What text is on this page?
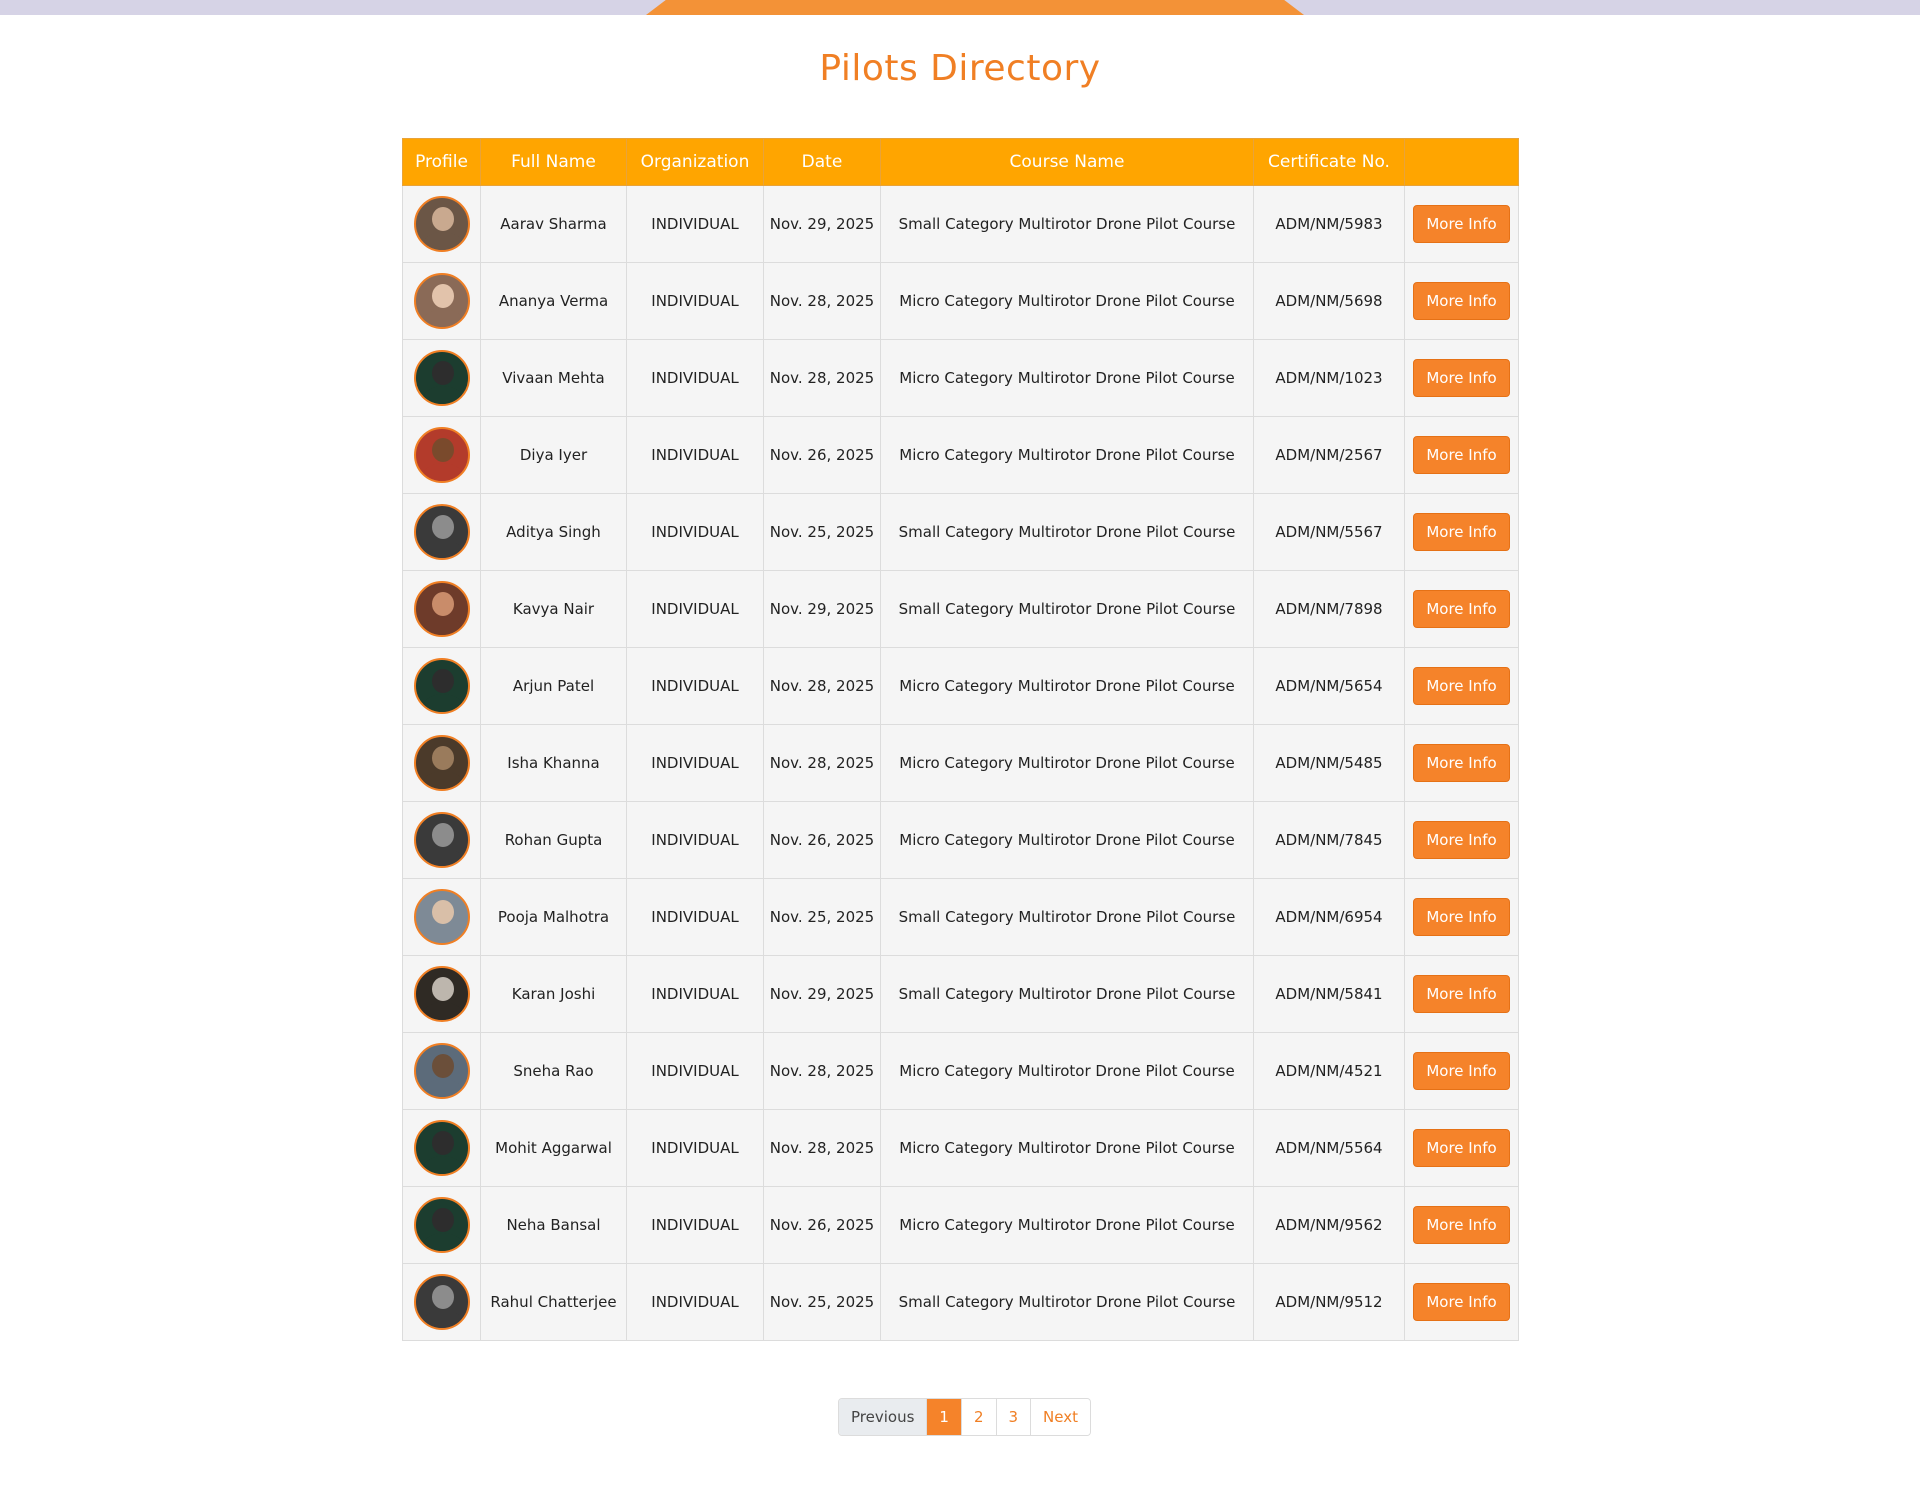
Pilots Directory
Profile	Full Name	Organization	Date	Course Name	Certificate No.	

	Aarav Sharma	INDIVIDUAL	Nov. 29, 2025	Small Category Multirotor Drone Pilot Course	ADM/NM/5983	More Info

	Ananya Verma	INDIVIDUAL	Nov. 28, 2025	Micro Category Multirotor Drone Pilot Course	ADM/NM/5698	More Info

	Vivaan Mehta	INDIVIDUAL	Nov. 28, 2025	Micro Category Multirotor Drone Pilot Course	ADM/NM/1023	More Info

	Diya Iyer	INDIVIDUAL	Nov. 26, 2025	Micro Category Multirotor Drone Pilot Course	ADM/NM/2567	More Info

	Aditya Singh	INDIVIDUAL	Nov. 25, 2025	Small Category Multirotor Drone Pilot Course	ADM/NM/5567	More Info

	Kavya Nair	INDIVIDUAL	Nov. 29, 2025	Small Category Multirotor Drone Pilot Course	ADM/NM/7898	More Info

	Arjun Patel	INDIVIDUAL	Nov. 28, 2025	Micro Category Multirotor Drone Pilot Course	ADM/NM/5654	More Info

	Isha Khanna	INDIVIDUAL	Nov. 28, 2025	Micro Category Multirotor Drone Pilot Course	ADM/NM/5485	More Info

	Rohan Gupta	INDIVIDUAL	Nov. 26, 2025	Micro Category Multirotor Drone Pilot Course	ADM/NM/7845	More Info

	Pooja Malhotra	INDIVIDUAL	Nov. 25, 2025	Small Category Multirotor Drone Pilot Course	ADM/NM/6954	More Info

	Karan Joshi	INDIVIDUAL	Nov. 29, 2025	Small Category Multirotor Drone Pilot Course	ADM/NM/5841	More Info

	Sneha Rao	INDIVIDUAL	Nov. 28, 2025	Micro Category Multirotor Drone Pilot Course	ADM/NM/4521	More Info

	Mohit Aggarwal	INDIVIDUAL	Nov. 28, 2025	Micro Category Multirotor Drone Pilot Course	ADM/NM/5564	More Info

	Neha Bansal	INDIVIDUAL	Nov. 26, 2025	Micro Category Multirotor Drone Pilot Course	ADM/NM/9562	More Info

	Rahul Chatterjee	INDIVIDUAL	Nov. 25, 2025	Small Category Multirotor Drone Pilot Course	ADM/NM/9512	More Info
Previous	1	2	3	Next
